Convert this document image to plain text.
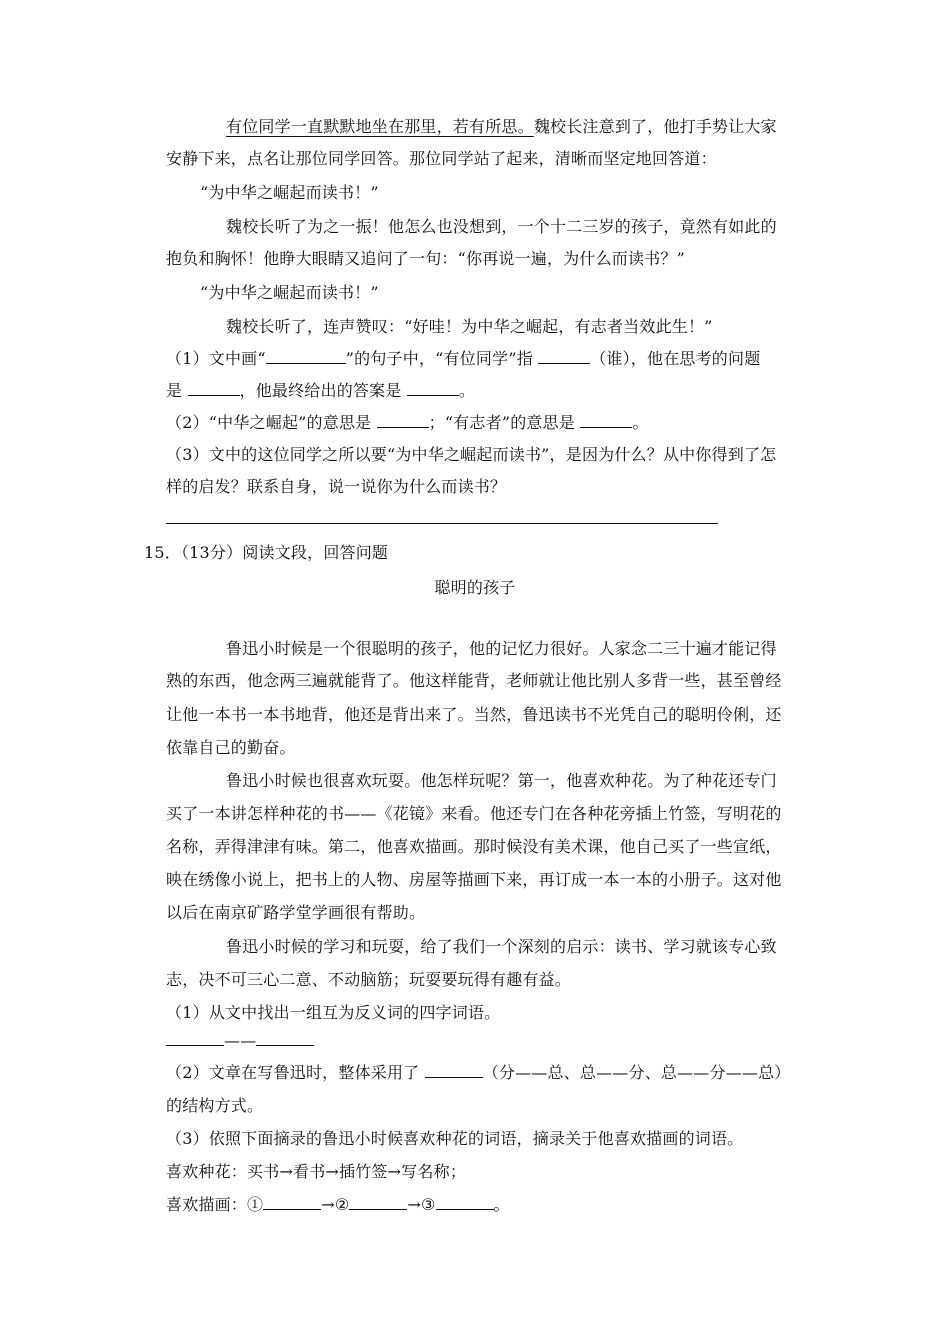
有位同学一直默默地坐在那里，若有所思。魏校长注意到了，他打手势让大家
安静下来，点名让那位同学回答。那位同学站了起来，清晰而坚定地回答道：
“为中华之崛起而读书！”
魏校长听了为之一振！他怎么也没想到，一个十二三岁的孩子，竟然有如此的
抱负和胸怀！他睁大眼睛又追问了一句：“你再说一遍，为什么而读书？”
“为中华之崛起而读书！”
魏校长听了，连声赞叹：“好哇！为中华之崛起，有志者当效此生！”
（1）文中画“	”的句子中，“有位同学”指	（谁），他在思考的问题
是	，他最终给出的答案是	。
（2）“中华之崛起”的意思是	；“有志者”的意思是	。
（3）文中的这位同学之所以要“为中华之崛起而读书”，是因为什么？从中你得到了怎
样的启发？联系自身，说一说你为什么而读书？
15．（13分）阅读文段，回答问题
聪明的孩子
鲁迅小时候是一个很聪明的孩子，他的记忆力很好。人家念二三十遍才能记得
熟的东西，他念两三遍就能背了。他这样能背，老师就让他比别人多背一些，甚至曾经
让他一本书一本书地背，他还是背出来了。当然，鲁迅读书不光凭自己的聪明伶俐，还
依靠自己的勤奋。
鲁迅小时候也很喜欢玩耍。他怎样玩呢？第一，他喜欢种花。为了种花还专门
买了一本讲怎样种花的书——《花镜》来看。他还专门在各种花旁插上竹签，写明花的
名称，弄得津津有味。第二，他喜欢描画。那时候没有美术课，他自己买了一些宣纸，
映在绣像小说上，把书上的人物、房屋等描画下来，再订成一本一本的小册子。这对他
以后在南京矿路学堂学画很有帮助。
鲁迅小时候的学习和玩耍，给了我们一个深刻的启示：读书、学习就该专心致
志，决不可三心二意、不动脑筋；玩耍要玩得有趣有益。
（1）从文中找出一组互为反义词的四字词语。
——
（2）文章在写鲁迅时，整体采用了	（分——总、总——分、总——分——总）
的结构方式。
（3）依照下面摘录的鲁迅小时候喜欢种花的词语，摘录关于他喜欢描画的词语。
喜欢种花：买书→看书→插竹签→写名称；
喜欢描画：①	→②	→③	。
